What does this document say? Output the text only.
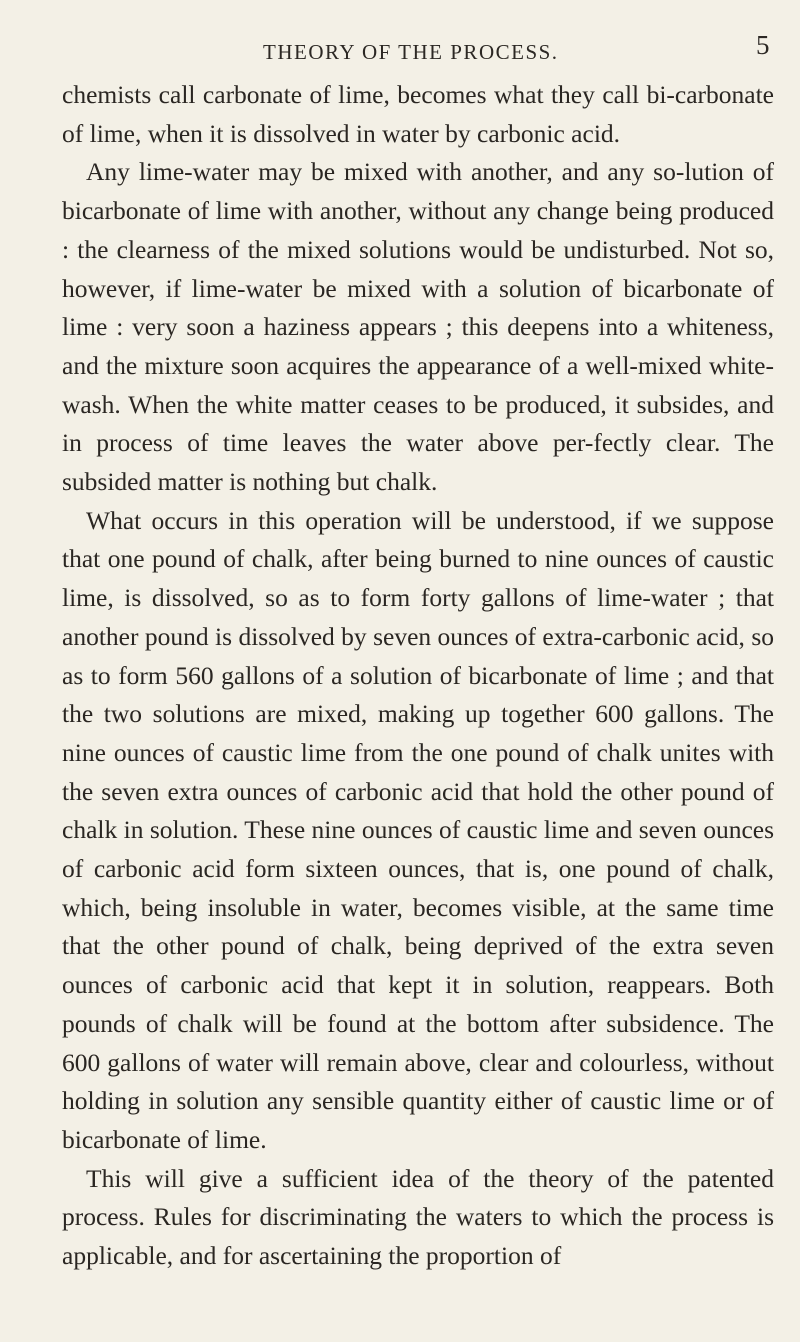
THEORY OF THE PROCESS.	5

chemists call carbonate of lime, becomes what they call bi-carbonate of lime, when it is dissolved in water by carbonic acid.

Any lime-water may be mixed with another, and any so-lution of bicarbonate of lime with another, without any change being produced : the clearness of the mixed solutions would be undisturbed. Not so, however, if lime-water be mixed with a solution of bicarbonate of lime : very soon a haziness appears ; this deepens into a whiteness, and the mixture soon acquires the appearance of a well-mixed white-wash. When the white matter ceases to be produced, it subsides, and in process of time leaves the water above per-fectly clear. The subsided matter is nothing but chalk.

What occurs in this operation will be understood, if we suppose that one pound of chalk, after being burned to nine ounces of caustic lime, is dissolved, so as to form forty gallons of lime-water ; that another pound is dissolved by seven ounces of extra-carbonic acid, so as to form 560 gallons of a solution of bicarbonate of lime ; and that the two solutions are mixed, making up together 600 gallons. The nine ounces of caustic lime from the one pound of chalk unites with the seven extra ounces of carbonic acid that hold the other pound of chalk in solution. These nine ounces of caustic lime and seven ounces of carbonic acid form sixteen ounces, that is, one pound of chalk, which, being insoluble in water, becomes visible, at the same time that the other pound of chalk, being deprived of the extra seven ounces of carbonic acid that kept it in solution, reappears. Both pounds of chalk will be found at the bottom after subsidence. The 600 gallons of water will remain above, clear and colourless, without holding in solution any sensible quantity either of caustic lime or of bicarbonate of lime.

This will give a sufficient idea of the theory of the patented process. Rules for discriminating the waters to which the process is applicable, and for ascertaining the proportion of
